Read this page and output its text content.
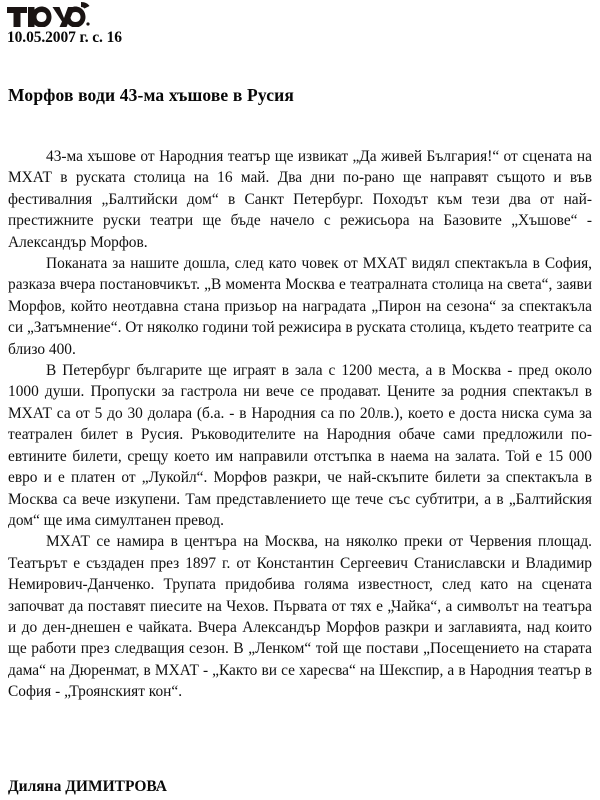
10.05.2007 г. с. 16
Морфов води 43-ма хъшове в Русия

43-ма хъшове от Народния театър ще извикат „Да живей България!“ от сцената на МХАТ в руската столица на 16 май. Два дни по-рано ще направят същото и във фестивалния „Балтийски дом“ в Санкт Петербург. Походът към тези два от най-престижните руски театри ще бъде начело с режисьора на Базовите „Хъшове“ - Александър Морфов.

Поканата за нашите дошла, след като човек от МХАТ видял спектакъла в София, разказа вчера постановчикът. „В момента Москва е театралната столица на света“, заяви Морфов, който неотдавна стана призьор на наградата „Пирон на сезона“ за спектакъла си „Затъмнение“. От няколко години той режисира в руската столица, където театрите са близо 400.

В Петербург българите ще играят в зала с 1200 места, а в Москва - пред около 1000 души. Пропуски за гастрола ни вече се продават. Цените за родния спектакъл в МХАТ са от 5 до 30 долара (б.а. - в Народния са по 20лв.), което е доста ниска сума за театрален билет в Русия. Ръководителите на Народния обаче сами предложили по-евтините билети, срещу което им направили отстъпка в наема на залата. Той е 15 000 евро и е платен от „Лукойл“. Морфов разкри, че най-скъпите билети за спектакъла в Москва са вече изкупени. Там представлението ще тече със субтитри, а в „Балтийския дом“ ще има симултанен превод.

МХАТ се намира в центъра на Москва, на няколко преки от Червения площад. Театърът е създаден през 1897 г. от Константин Сергеевич Станиславски и Владимир Немирович-Данченко. Трупата придобива голяма известност, след като на сцената започват да поставят пиесите на Чехов. Първата от тях е „Чайка“, а символът на театъра и до ден-днешен е чайката. Вчера Александър Морфов разкри и заглавията, над които ще работи през следващия сезон. В „Ленком“ той ще постави „Посещението на старата дама“ на Дюренмат, в МХАТ - „Както ви се харесва“ на Шекспир, а в Народния театър в София - „Троянският кон“.

Диляна ДИМИТРОВА
